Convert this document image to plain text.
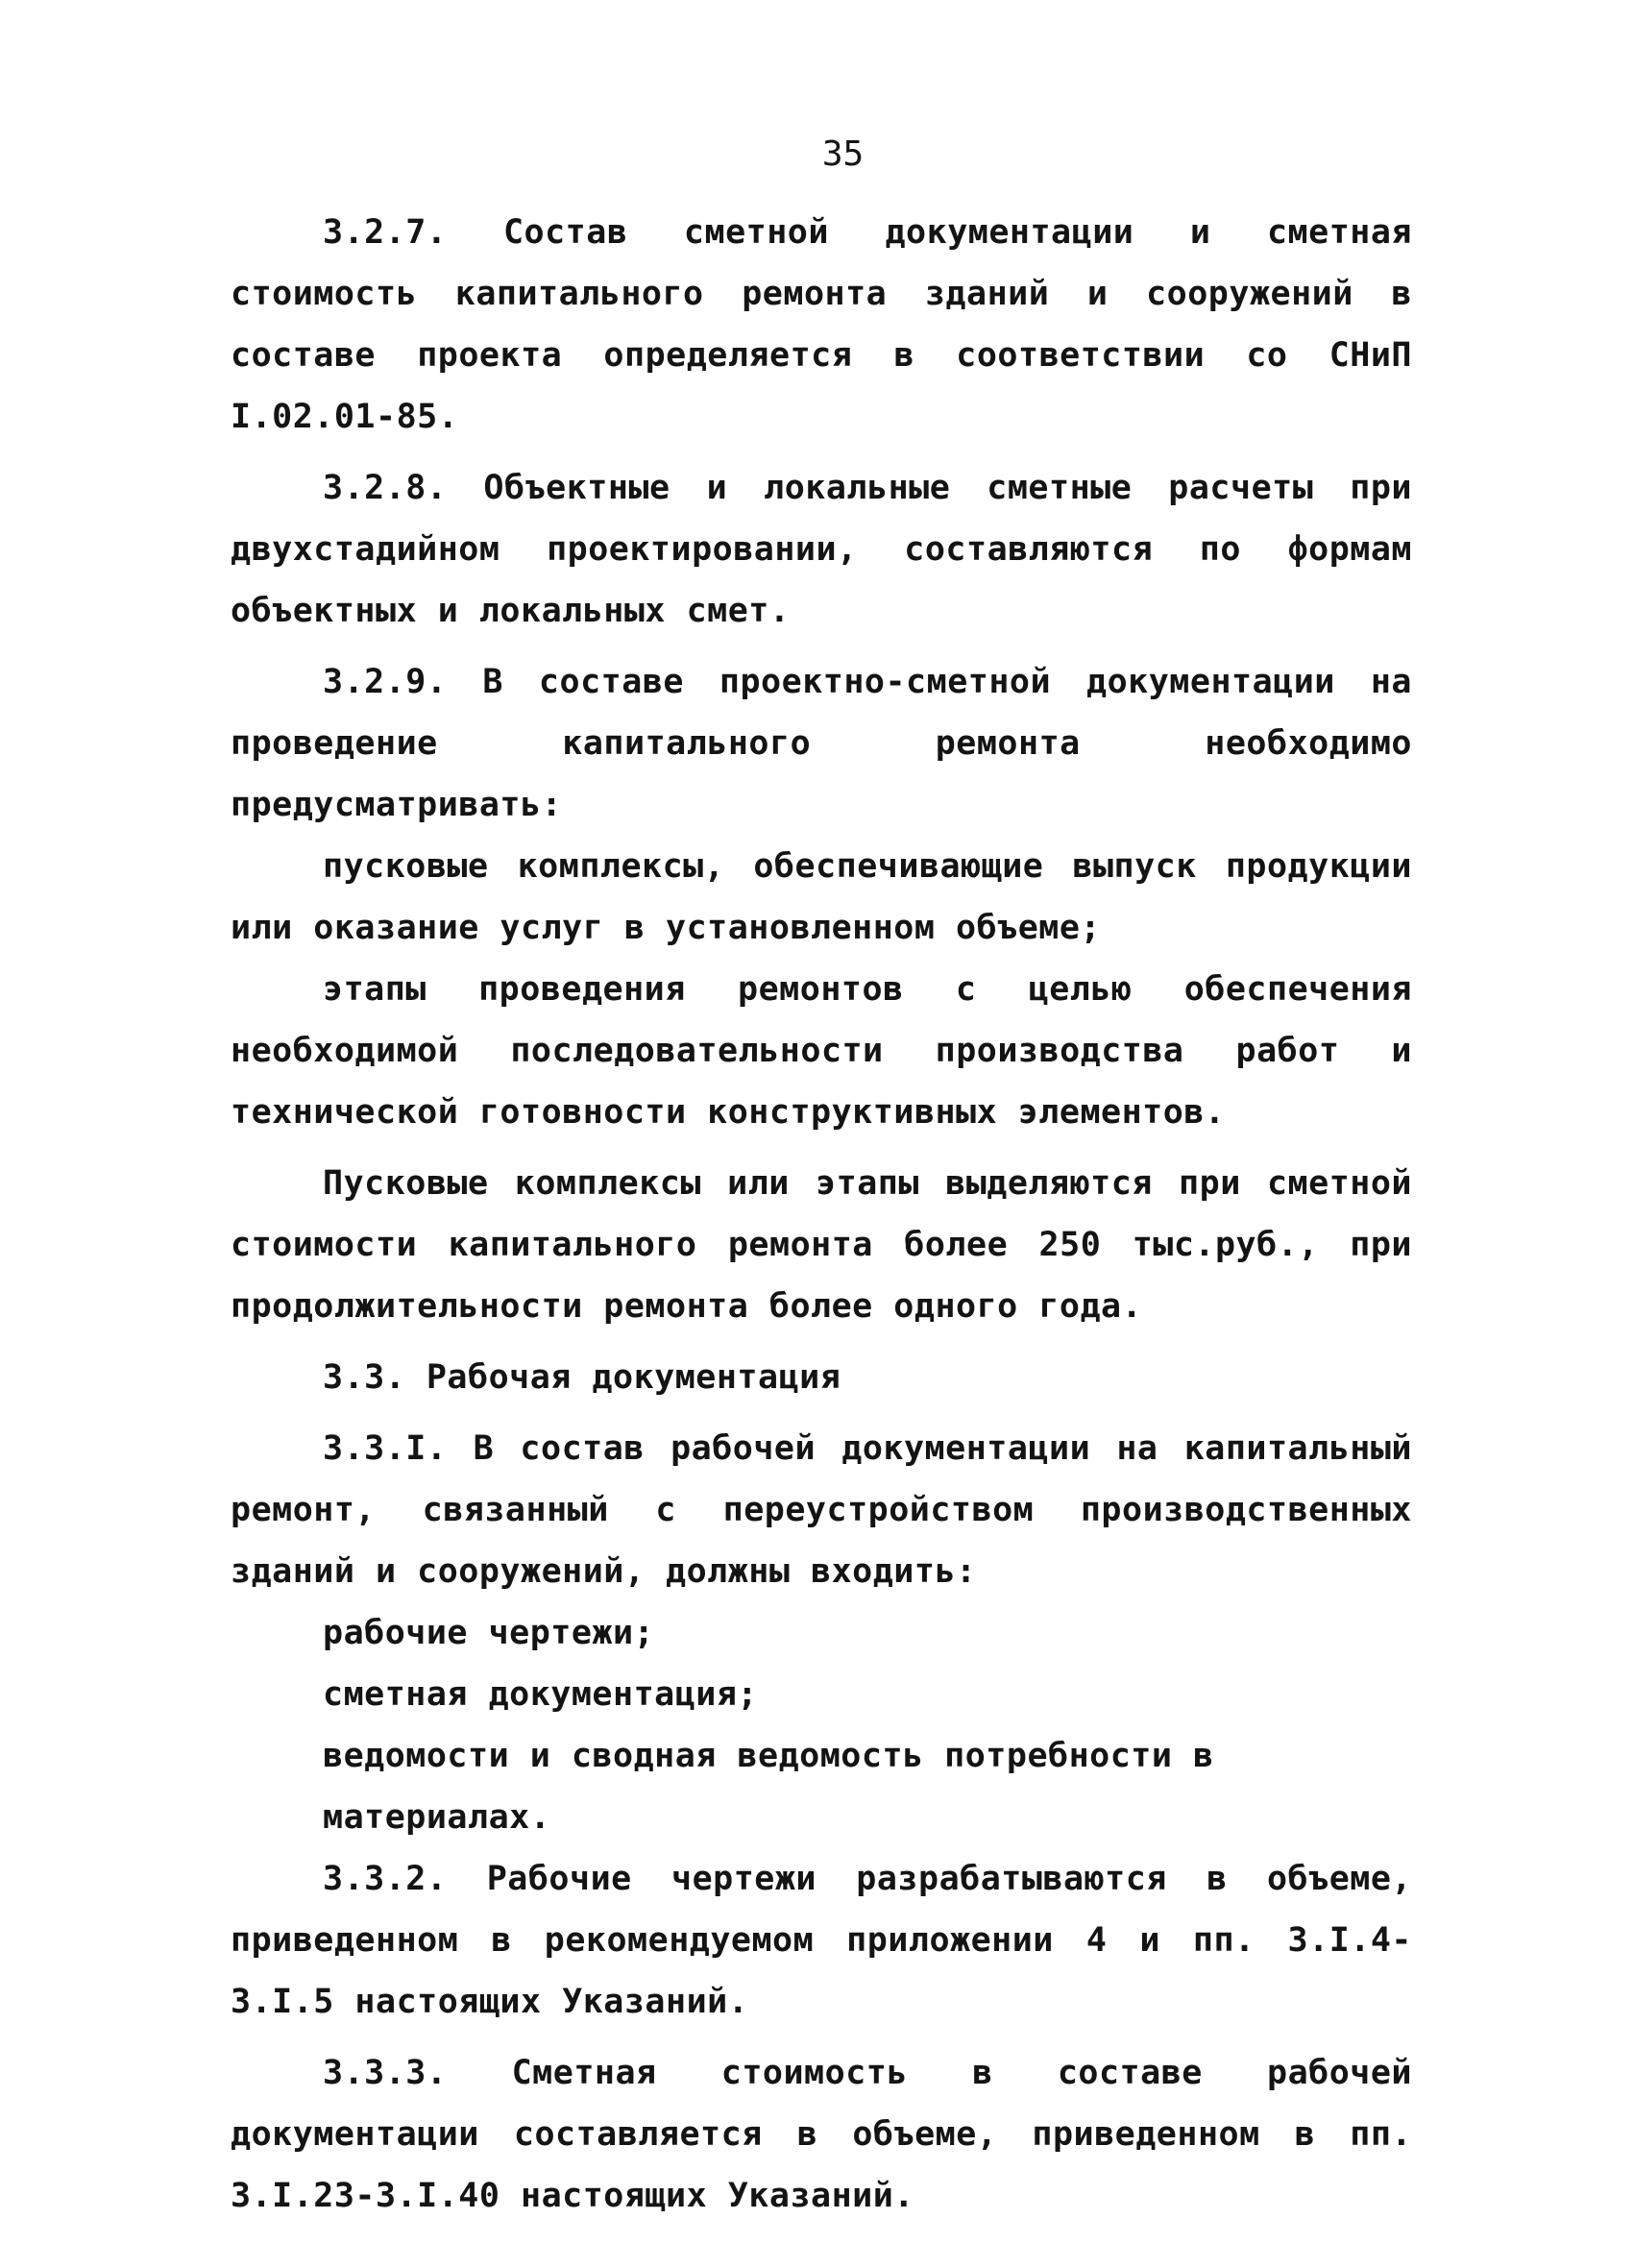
35

3.2.7. Состав сметной документации и сметная стоимость капитального ремонта зданий и сооружений в составе проекта определяется в соответствии со СНиП I.02.01-85.

3.2.8. Объектные и локальные сметные расчеты при двухстадийном проектировании, составляются по формам объектных и локальных смет.

3.2.9. В составе проектно-сметной документации на проведение капитального ремонта необходимо предусматривать:

пусковые комплексы, обеспечивающие выпуск продукции или оказание услуг в установленном объеме;

этапы проведения ремонтов с целью обеспечения необходимой последовательности производства работ и технической готовности конструктивных элементов.

Пусковые комплексы или этапы выделяются при сметной стоимости капитального ремонта более 250 тыс.руб., при продолжительности ремонта более одного года.

3.3. Рабочая документация

3.3.I. В состав рабочей документации на капитальный ремонт, связанный с переустройством производственных зданий и сооружений, должны входить:

рабочие чертежи;

сметная документация;

ведомости и сводная ведомость потребности в материалах.

3.3.2. Рабочие чертежи разрабатываются в объеме, приведенном в рекомендуемом приложении 4 и пп. 3.I.4-3.I.5 настоящих Указаний.

3.3.3. Сметная стоимость в составе рабочей документации составляется в объеме, приведенном в пп. 3.I.23-3.I.40 настоящих Указаний.
